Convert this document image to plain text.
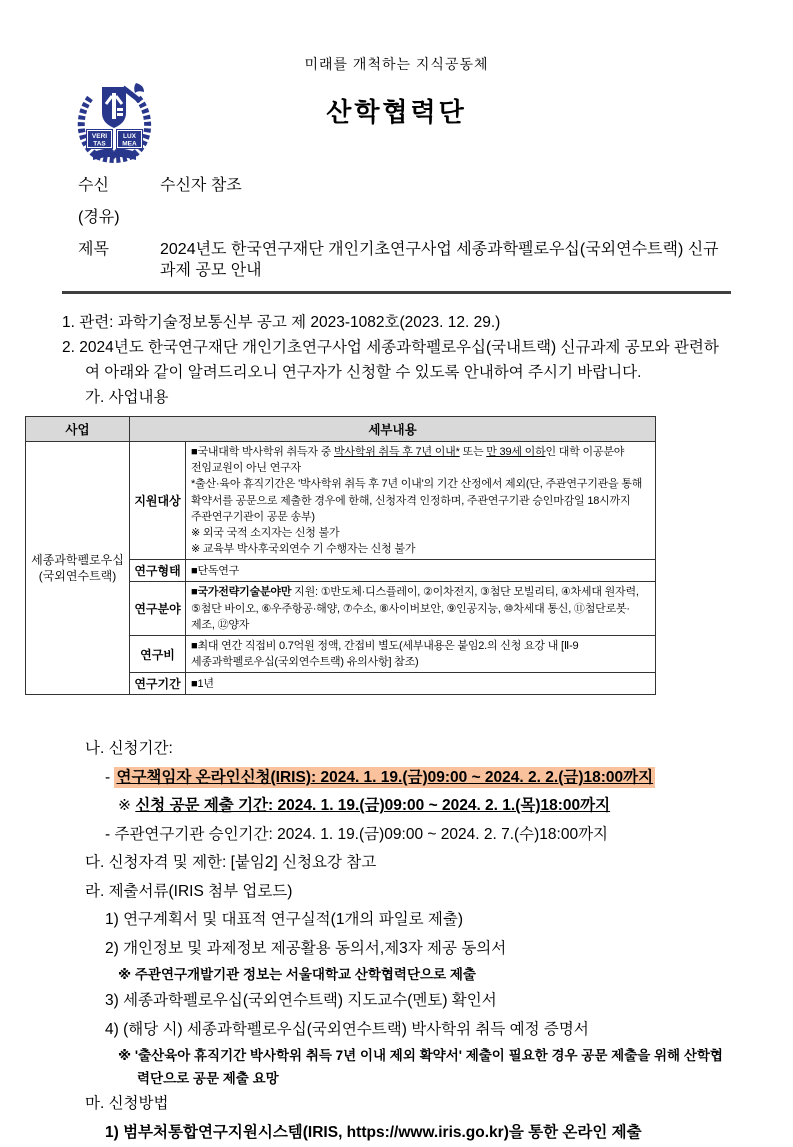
미래를 개척하는 지식공동체
VERI
TAS
LUX
MEA
산학협력단
수신	수신자 참조
(경유)
제목	2024년도 한국연구재단 개인기초연구사업 세종과학펠로우십(국외연수트랙) 신규과제 공모 안내
1. 관련: 과학기술정보통신부 공고 제 2023-1082호(2023. 12. 29.)
2. 2024년도 한국연구재단 개인기초연구사업 세종과학펠로우십(국내트랙) 신규과제 공모와 관련하여 아래와 같이 알려드리오니 연구자가 신청할 수 있도록 안내하여 주시기 바랍니다.
가. 사업내용
사업	세부내용	

세종과학펠로우십
(국외연수트랙)
	지원대상	■국내대학 박사학위 취득자 중 박사학위 취득 후 7년 이내* 또는 만 39세 이하인 대학 이공분야 전임교원이 아닌 연구자
*출산·육아 휴직기간은 '박사학위 취득 후 7년 이내'의 기간 산정에서 제외(단, 주관연구기관을 통해 확약서를 공문으로 제출한 경우에 한해, 신청자격 인정하며, 주관연구기관 승인마감일 18시까지 주관연구기관이 공문 송부)
※ 외국 국적 소지자는 신청 불가
※ 교육부 박사후국외연수 기 수행자는 신청 불가

	연구형태	■단독연구
	연구분야	■국가전략기술분야만 지원: ①반도체·디스플레이, ②이차전지, ③첨단 모빌리티, ④차세대 원자력, ⑤첨단 바이오, ⑥우주항공·해양, ⑦수소, ⑧사이버보안, ⑨인공지능, ⑩차세대 통신, ⑪첨단로봇·제조, ⑫양자
	연구비	■최대 연간 직접비 0.7억원 정액, 간접비 별도(세부내용은 붙임2.의 신청 요강 내 [Ⅱ-9 세종과학펠로우십(국외연수트랙) 유의사항] 참조)
	연구기간	■1년
나. 신청기간:
- 연구책임자 온라인신청(IRIS): 2024. 1. 19.(금)09:00 ~ 2024. 2. 2.(금)18:00까지
※ 신청 공문 제출 기간: 2024. 1. 19.(금)09:00 ~ 2024. 2. 1.(목)18:00까지
- 주관연구기관 승인기간: 2024. 1. 19.(금)09:00 ~ 2024. 2. 7.(수)18:00까지
다. 신청자격 및 제한: [붙임2] 신청요강 참고
라. 제출서류(IRIS 첨부 업로드)
1) 연구계획서 및 대표적 연구실적(1개의 파일로 제출)
2) 개인정보 및 과제정보 제공활용 동의서,제3자 제공 동의서
※ 주관연구개발기관 정보는 서울대학교 산학협력단으로 제출
3) 세종과학펠로우십(국외연수트랙) 지도교수(멘토) 확인서
4) (해당 시) 세종과학펠로우십(국외연수트랙) 박사학위 취득 예정 증명서
※ '출산육아 휴직기간 박사학위 취득 7년 이내 제외 확약서' 제출이 필요한 경우 공문 제출을 위해 산학협력단으로 공문 제출 요망
마. 신청방법
1) 범부처통합연구지원시스템(IRIS, https://www.iris.go.kr)을 통한 온라인 제출
